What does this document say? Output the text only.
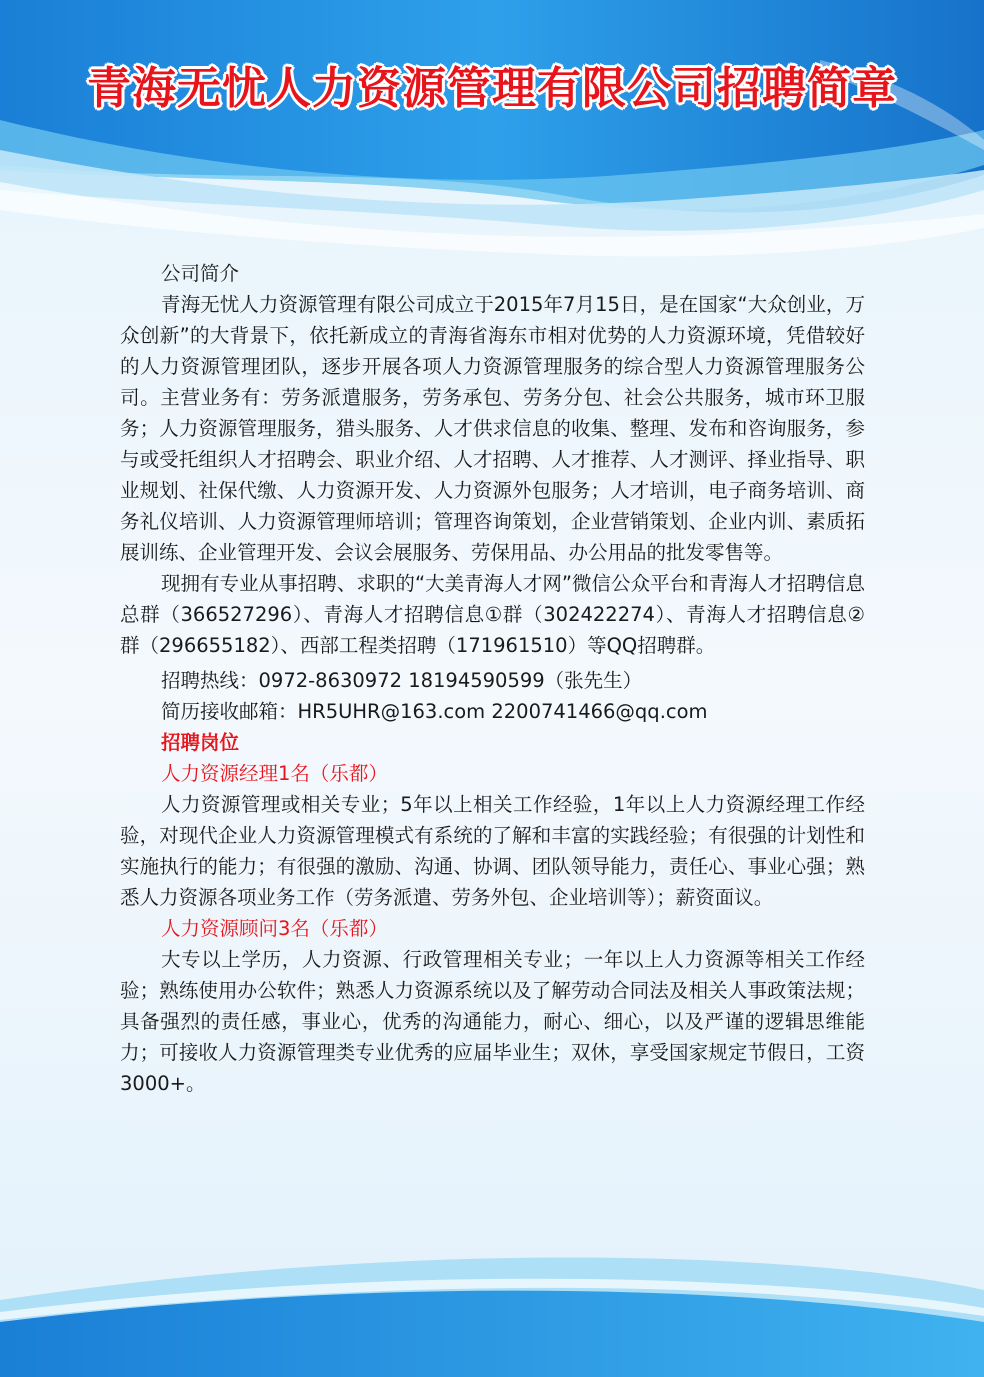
青海无忧人力资源管理有限公司招聘简章

公司简介

青海无忧人力资源管理有限公司成立于2015年7月15日，是在国家“大众创业，万众创新”的大背景下，依托新成立的青海省海东市相对优势的人力资源环境，凭借较好的人力资源管理团队，逐步开展各项人力资源管理服务的综合型人力资源管理服务公司。主营业务有：劳务派遣服务，劳务承包、劳务分包、社会公共服务，城市环卫服务；人力资源管理服务，猎头服务、人才供求信息的收集、整理、发布和咨询服务，参与或受托组织人才招聘会、职业介绍、人才招聘、人才推荐、人才测评、择业指导、职业规划、社保代缴、人力资源开发、人力资源外包服务；人才培训，电子商务培训、商务礼仪培训、人力资源管理师培训；管理咨询策划，企业营销策划、企业内训、素质拓展训练、企业管理开发、会议会展服务、劳保用品、办公用品的批发零售等。

现拥有专业从事招聘、求职的“大美青海人才网”微信公众平台和青海人才招聘信息总群（366527296）、青海人才招聘信息①群（302422274）、青海人才招聘信息②群（296655182）、西部工程类招聘（171961510）等QQ招聘群。

招聘热线：0972-8630972 18194590599（张先生）

简历接收邮箱：HR5UHR@163.com 2200741466@qq.com

招聘岗位

人力资源经理1名（乐都）

人力资源管理或相关专业；5年以上相关工作经验，1年以上人力资源经理工作经验，对现代企业人力资源管理模式有系统的了解和丰富的实践经验；有很强的计划性和实施执行的能力；有很强的激励、沟通、协调、团队领导能力，责任心、事业心强；熟悉人力资源各项业务工作（劳务派遣、劳务外包、企业培训等）；薪资面议。

人力资源顾问3名（乐都）

大专以上学历，人力资源、行政管理相关专业；一年以上人力资源等相关工作经验；熟练使用办公软件；熟悉人力资源系统以及了解劳动合同法及相关人事政策法规；具备强烈的责任感，事业心，优秀的沟通能力，耐心、细心，以及严谨的逻辑思维能力；可接收人力资源管理类专业优秀的应届毕业生；双休，享受国家规定节假日，工资3000+。
